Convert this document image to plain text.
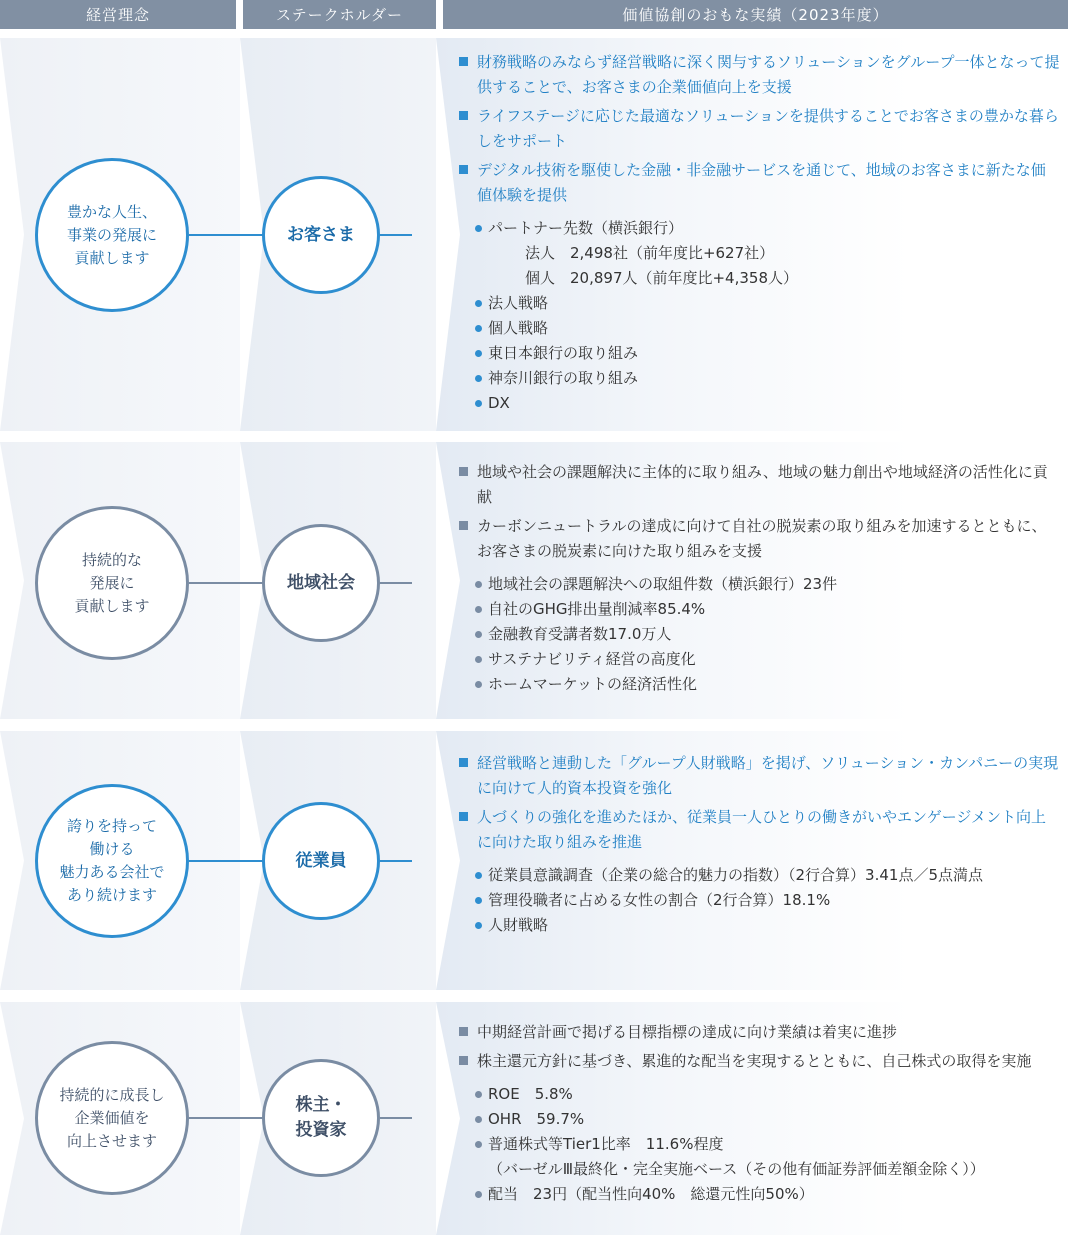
経営理念	ステークホルダー	価値協創のおもな実績（2023年度）
豊かな人生、
事業の発展に
貢献します
お客さま
財務戦略のみならず経営戦略に深く関与するソリューションをグループ一体となって提供することで、お客さまの企業価値向上を支援
ライフステージに応じた最適なソリューションを提供することでお客さまの豊かな暮らしをサポート
デジタル技術を駆使した金融・非金融サービスを通じて、地域のお客さまに新たな価値体験を提供
パートナー先数（横浜銀行）
法人　2,498社（前年度比+627社）
個人　20,897人（前年度比+4,358人）
法人戦略
個人戦略
東日本銀行の取り組み
神奈川銀行の取り組み
DX
持続的な
発展に
貢献します
地域社会
地域や社会の課題解決に主体的に取り組み、地域の魅力創出や地域経済の活性化に貢献
カーボンニュートラルの達成に向けて自社の脱炭素の取り組みを加速するとともに、お客さまの脱炭素に向けた取り組みを支援
地域社会の課題解決への取組件数（横浜銀行）23件
自社のGHG排出量削減率85.4%
金融教育受講者数17.0万人
サステナビリティ経営の高度化
ホームマーケットの経済活性化
誇りを持って
働ける
魅力ある会社で
あり続けます
従業員
経営戦略と連動した「グループ人財戦略」を掲げ、ソリューション・カンパニーの実現に向けて人的資本投資を強化
人づくりの強化を進めたほか、従業員一人ひとりの働きがいやエンゲージメント向上に向けた取り組みを推進
従業員意識調査（企業の総合的魅力の指数）（2行合算）3.41点／5点満点
管理役職者に占める女性の割合（2行合算）18.1%
人財戦略
持続的に成長し
企業価値を
向上させます
株主・
投資家
中期経営計画で掲げる目標指標の達成に向け業績は着実に進捗
株主還元方針に基づき、累進的な配当を実現するとともに、自己株式の取得を実施
ROE　5.8%
OHR　59.7%
普通株式等Tier1比率　11.6%程度
（バーゼルⅢ最終化・完全実施ベース（その他有価証券評価差額金除く））
配当　23円（配当性向40%　総還元性向50%）
